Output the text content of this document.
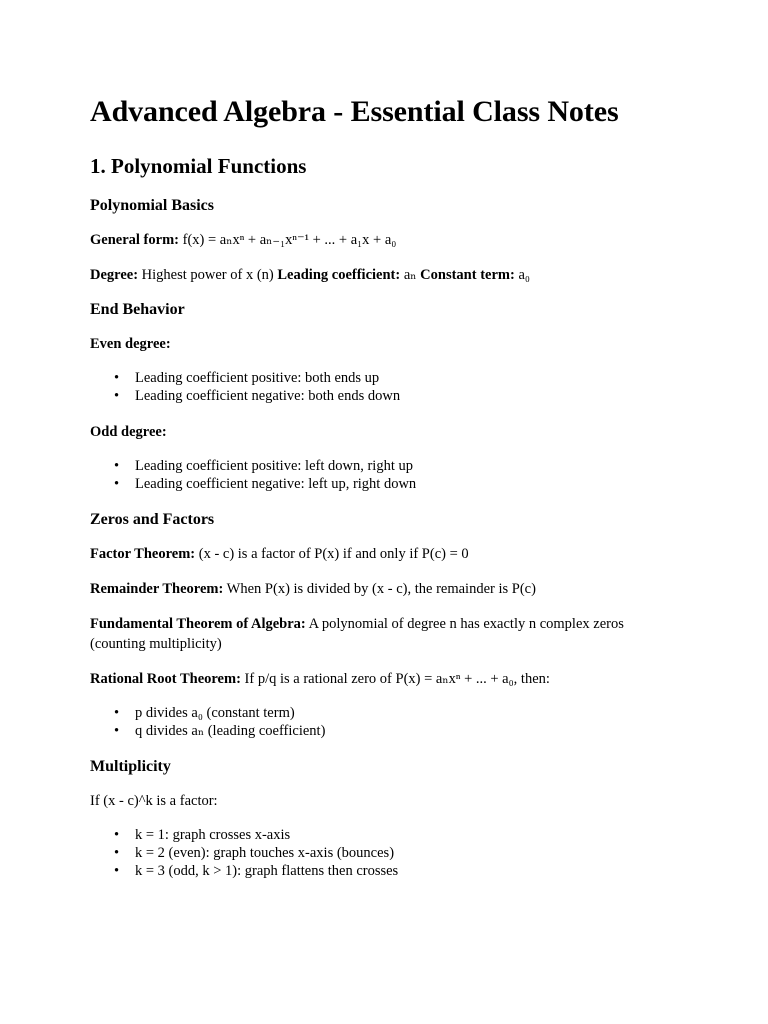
Advanced Algebra - Essential Class Notes
1. Polynomial Functions
Polynomial Basics

General form: f(x) = aₙxⁿ + aₙ₋₁xⁿ⁻¹ + ... + a₁x + a₀

Degree: Highest power of x (n) Leading coefficient: aₙ Constant term: a₀

End Behavior

Even degree:

• Leading coefficient positive: both ends up
• Leading coefficient negative: both ends down

Odd degree:

• Leading coefficient positive: left down, right up
• Leading coefficient negative: left up, right down
Zeros and Factors

Factor Theorem: (x - c) is a factor of P(x) if and only if P(c) = 0

Remainder Theorem: When P(x) is divided by (x - c), the remainder is P(c)

Fundamental Theorem of Algebra: A polynomial of degree n has exactly n complex zeros (counting multiplicity)

Rational Root Theorem: If p/q is a rational zero of P(x) = aₙxⁿ + ... + a₀, then:

• p divides a₀ (constant term)
• q divides aₙ (leading coefficient)
Multiplicity

If (x - c)^k is a factor:

• k = 1: graph crosses x-axis
• k = 2 (even): graph touches x-axis (bounces)
• k = 3 (odd, k > 1): graph flattens then crosses
